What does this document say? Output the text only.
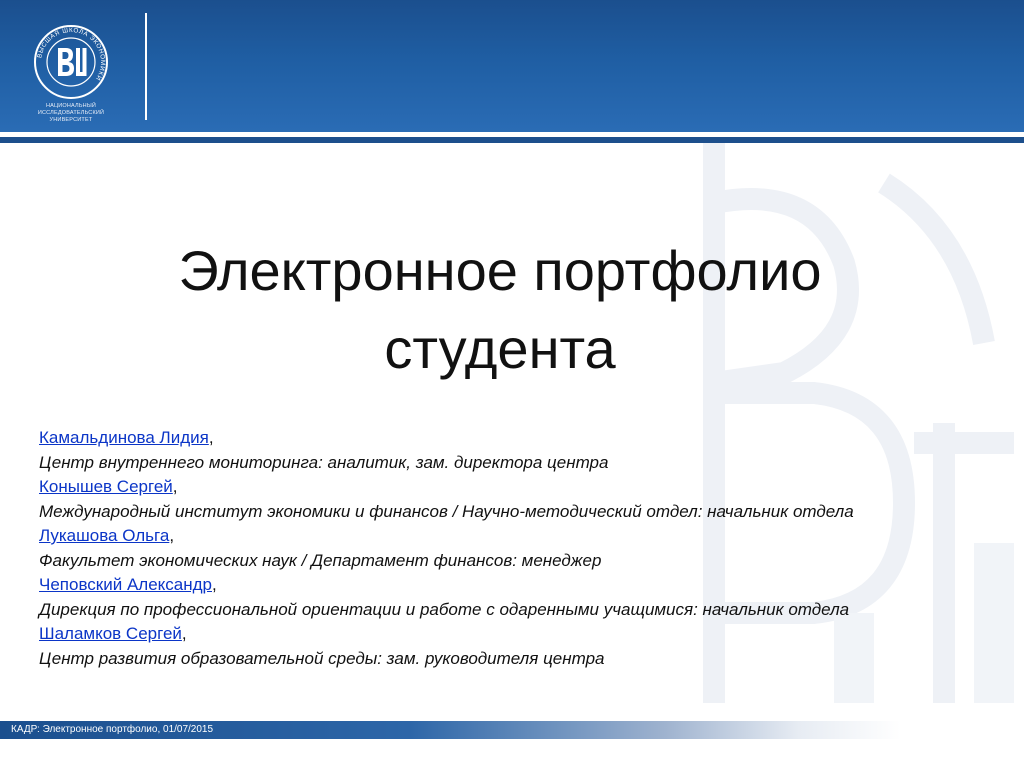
ВЫСШАЯ ШКОЛА ЭКОНОМИКИ
НАЦИОНАЛЬНЫЙ ИССЛЕДОВАТЕЛЬСКИЙ
УНИВЕРСИТЕТ
Электронное портфолио
студента
Камальдинова Лидия,
Центр внутреннего мониторинга: аналитик, зам. директора центра
Конышев Сергей,
Международный институт экономики и финансов / Научно-методический отдел: начальник отдела
Лукашова Ольга,
Факультет экономических наук / Департамент финансов: менеджер
Чеповский Александр,
Дирекция по профессиональной ориентации и работе с одаренными учащимися: начальник отдела
Шаламков Сергей,
Центр развития образовательной среды: зам. руководителя центра
КАДР: Электронное портфолио, 01/07/2015
